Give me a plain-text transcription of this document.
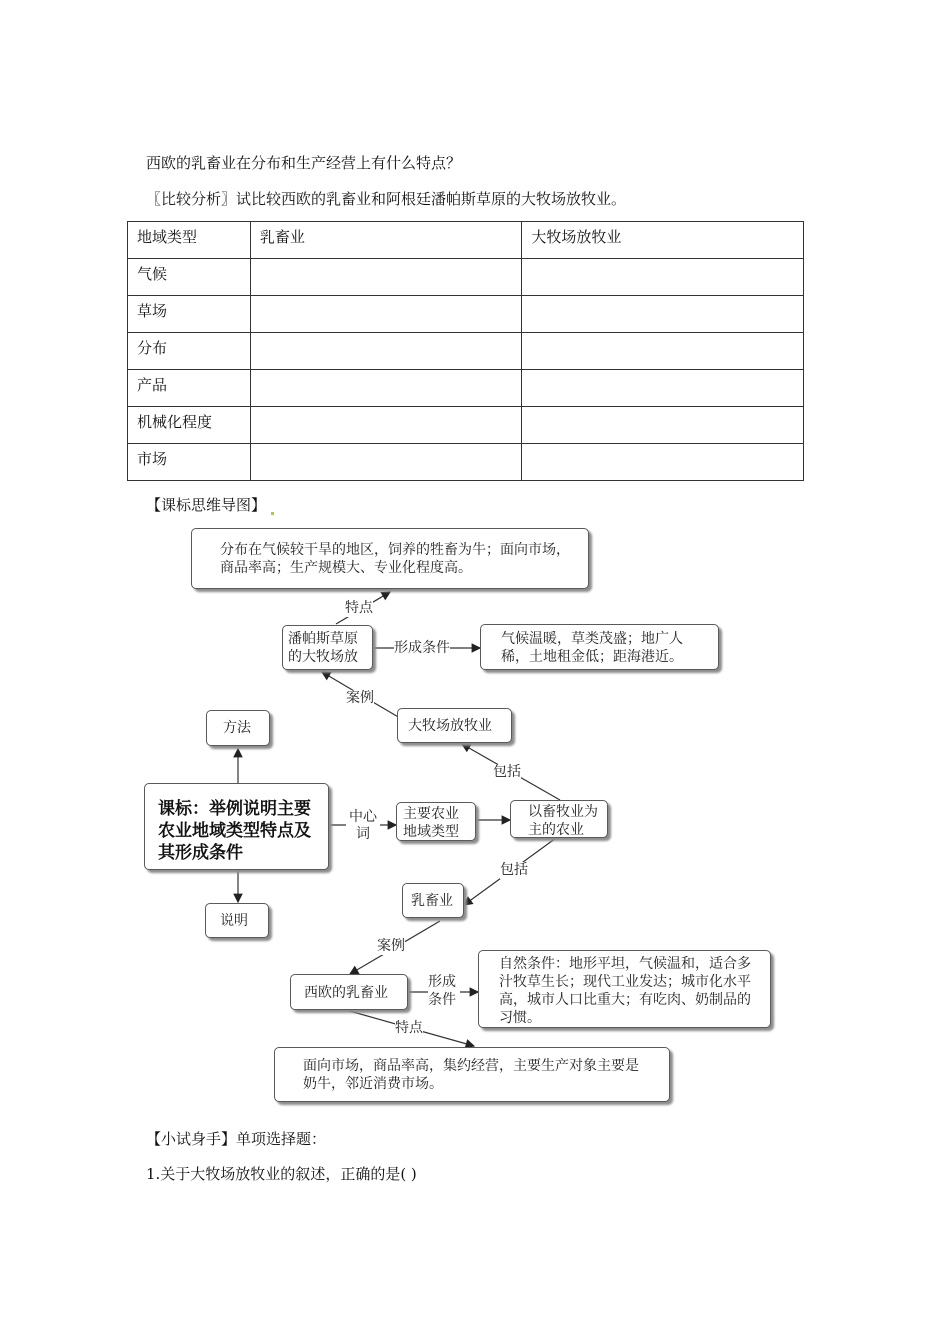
西欧的乳畜业在分布和生产经营上有什么特点？
〖比较分析〗试比较西欧的乳畜业和阿根廷潘帕斯草原的大牧场放牧业。
地域类型	乳畜业	大牧场放牧业
气候		
草场		
分布		
产品		
机械化程度		
市场		
【课标思维导图】
分布在气候较干旱的地区，饲养的牲畜为牛；面向市场，商品率高；生产规模大、专业化程度高。
潘帕斯草原的大牧场放
气候温暖，草类茂盛；地广人稀，土地租金低；距海港近。
方法	大牧场放牧业
课标：举例说明主要农业地域类型特点及其形成条件
主要农业地域类型
以畜牧业为主的农业
乳畜业
说明
西欧的乳畜业
自然条件：地形平坦，气候温和，适合多汁牧草生长；现代工业发达；城市化水平高，城市人口比重大；有吃肉、奶制品的习惯。
面向市场，商品率高，集约经营，主要生产对象主要是奶牛，邻近消费市场。
特点
形成条件
案例
包括
中心词
包括
案例
形成条件
特点
【小试身手】单项选择题：
1.关于大牧场放牧业的叙述，正确的是( )
